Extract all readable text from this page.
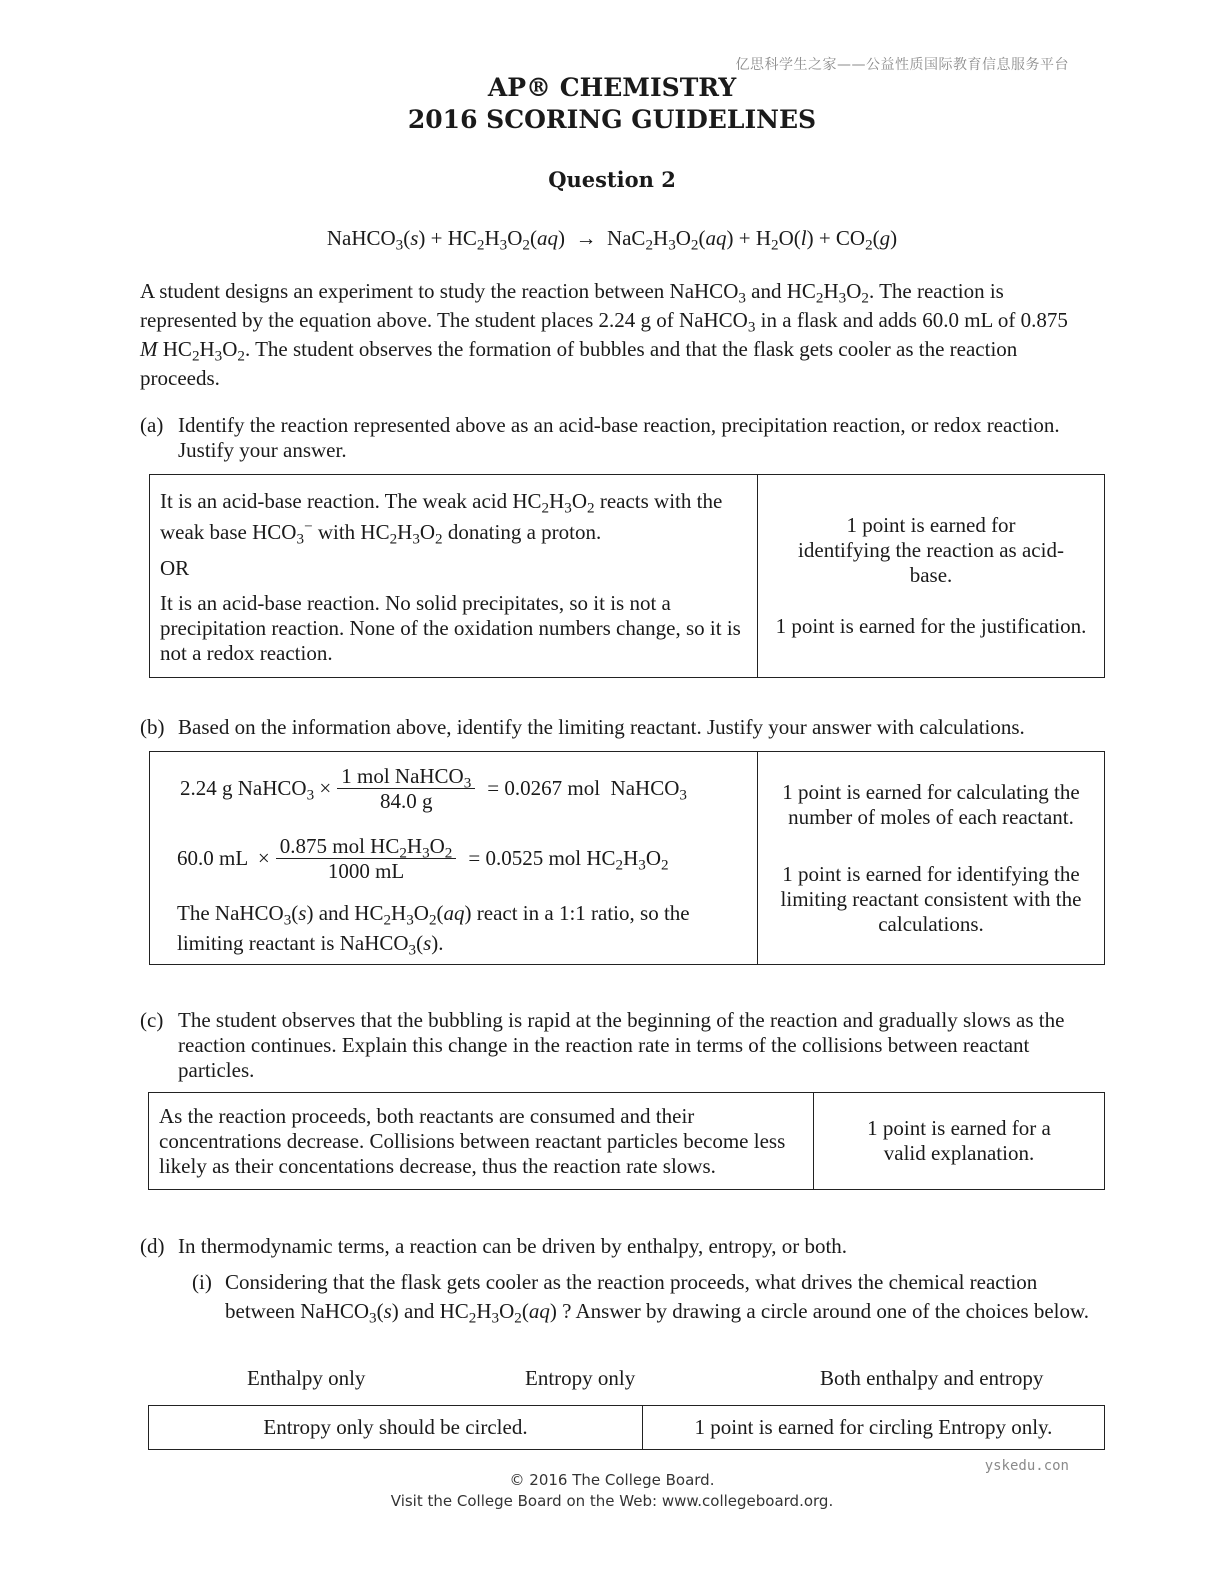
亿思科学生之家——公益性质国际教育信息服务平台
AP® CHEMISTRY
2016 SCORING GUIDELINES
Question 2
NaHCO$_3$(s) + $HC_2H_3O_2(aq) \to NaC_2H_3O_2(aq) + H_2O(l) + CO_2(g)$
A student designs an experiment to study the reaction between NaHCO$_3$ and $HC_2H_3O_2$. The reaction is represented by the equation above. The student places 2.24 g of NaHCO$_3$ in a flask and adds 60.0 mL of 0.875 M $HC_2H_3O_2$. The student observes the formation of bubbles and that the flask gets cooler as the reaction proceeds.
(a) Identify the reaction represented above as an acid-base reaction, precipitation reaction, or redox reaction. Justify your answer.
It is an acid-base reaction. The weak acid $HC_2H_3O_2$ reacts with the weak base $HCO_3^-$ with $HC_2H_3O_2$ donating a proton.
OR
It is an acid-base reaction. No solid precipitates, so it is not a precipitation reaction. None of the oxidation numbers change, so it is not a redox reaction.

1 point is earned for identifying the reaction as acid-base.
1 point is earned for the justification.
(b) Based on the information above, identify the limiting reactant. Justify your answer with calculations.
2.24 g NaHCO$_3$ × $\frac{1 mol NaHCO_3}{84.0 g} = 0.0267$ mol  NaHCO$_3$
60.0 mL  × $\frac{0.875 mol HC_2H_3O_2}{1000 mL} = 0.0525$ mol $HC_2H_3O_2$
The NaHCO$_3$(s) and $HC_2H_3O_2(aq)$ react in a 1:1 ratio, so the limiting reactant is NaHCO$_3$(s).

1 point is earned for calculating the number of moles of each reactant.
1 point is earned for identifying the limiting reactant consistent with the calculations.
(c) The student observes that the bubbling is rapid at the beginning of the reaction and gradually slows as the reaction continues. Explain this change in the reaction rate in terms of the collisions between reactant particles.
As the reaction proceeds, both reactants are consumed and their concentrations decrease. Collisions between reactant particles become less likely as their concentations decrease, thus the reaction rate slows.	1 point is earned for a valid explanation.
(d) In thermodynamic terms, a reaction can be driven by enthalpy, entropy, or both.
(i) Considering that the flask gets cooler as the reaction proceeds, what drives the chemical reaction between NaHCO$_3$(s) and $HC_2H_3O_2(aq)$ ? Answer by drawing a circle around one of the choices below.
Enthalpy only	Entropy only	Both enthalpy and entropy
Entropy only should be circled.	1 point is earned for circling Entropy only.
yskedu.con
© 2016 The College Board.
Visit the College Board on the Web: www.collegeboard.org.
